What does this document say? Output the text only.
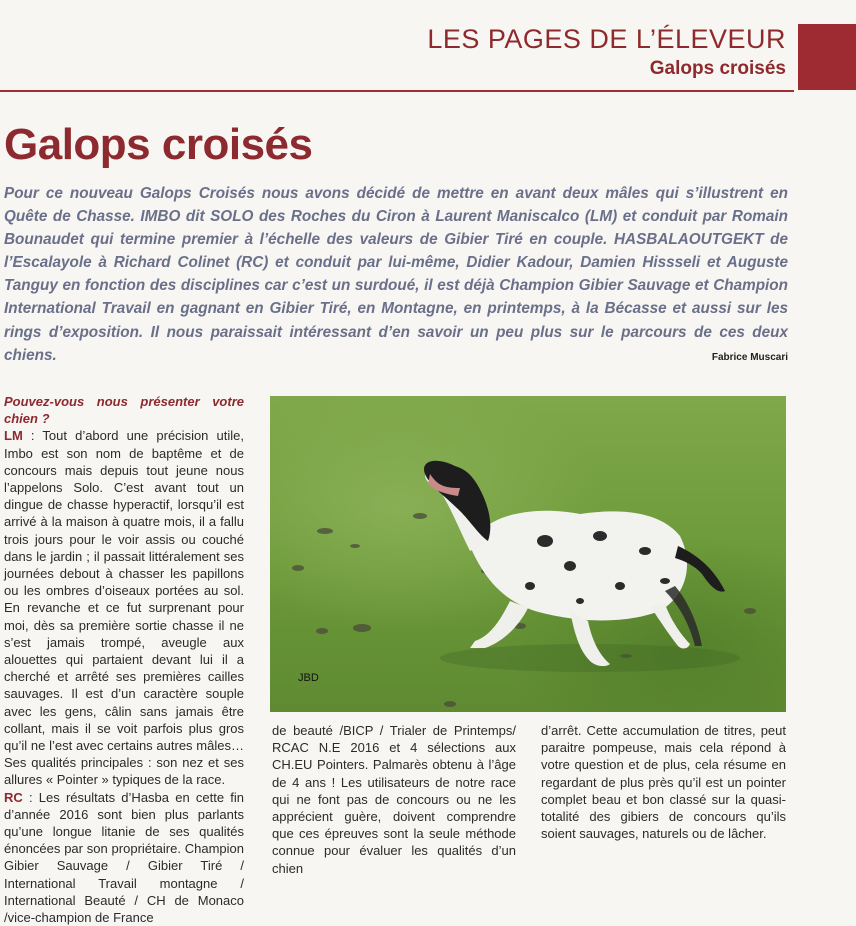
LES PAGES DE L’ÉLEVEUR
Galops croisés
Galops croisés

Pour ce nouveau Galops Croisés nous avons décidé de mettre en avant deux mâles qui s’illustrent en Quête de Chasse. IMBO dit SOLO des Roches du Ciron à Laurent Maniscalco (LM) et conduit par Romain Bounaudet qui termine premier à l’échelle des valeurs de Gibier Tiré en couple. HASBALAOUTGEKT de l’Escalayole à Richard Colinet (RC) et conduit par lui-même, Didier Kadour, Damien Hissseli et Auguste Tanguy en fonction des disciplines car c’est un surdoué, il est déjà Champion Gibier Sauvage et Champion International Travail en gagnant en Gibier Tiré, en Montagne, en printemps, à la Bécasse et aussi sur les rings d’exposition. Il nous paraissait intéressant d’en savoir un peu plus sur le parcours de ces deux chiens.	Fabrice Muscari
Pouvez-vous nous présenter votre chien ?

LM : Tout d’abord une précision utile, Imbo est son nom de baptême et de concours mais depuis tout jeune nous l’appelons Solo. C’est avant tout un dingue de chasse hyperactif, lorsqu’il est arrivé à la maison à quatre mois, il a fallu trois jours pour le voir assis ou couché dans le jardin ; il passait littéralement ses journées debout à chasser les papillons ou les ombres d’oiseaux portées au sol. En revanche et ce fut surprenant pour moi, dès sa première sortie chasse il ne s’est jamais trompé, aveugle aux alouettes qui partaient devant lui il a cherché et arrêté ses premières cailles sauvages. Il est d’un caractère souple avec les gens, câlin sans jamais être collant, mais il se voit parfois plus gros qu’il ne l’est avec certains autres mâles… Ses qualités principales : son nez et ses allures « Pointer » typiques de la race.

RC : Les résultats d’Hasba en cette fin d’année 2016 sont bien plus parlants qu’une longue litanie de ses qualités énoncées par son propriétaire. Champion Gibier Sauvage / Gibier Tiré / International Travail montagne / International Beauté / CH de Monaco /vice-champion de France

JBD

de beauté /BICP / Trialer de Printemps/ RCAC N.E 2016 et 4 sélections aux CH.EU Pointers. Palmarès obtenu à l’âge de 4 ans ! Les utilisateurs de notre race qui ne font pas de concours ou ne les apprécient guère, doivent comprendre que ces épreuves sont la seule méthode connue pour évaluer les qualités d’un chien

d’arrêt. Cette accumulation de titres, peut paraitre pompeuse, mais cela répond à votre question et de plus, cela résume en regardant de plus près qu’il est un pointer complet beau et bon classé sur la quasi-totalité des gibiers de concours qu’ils soient sauvages, naturels ou de lâcher.
